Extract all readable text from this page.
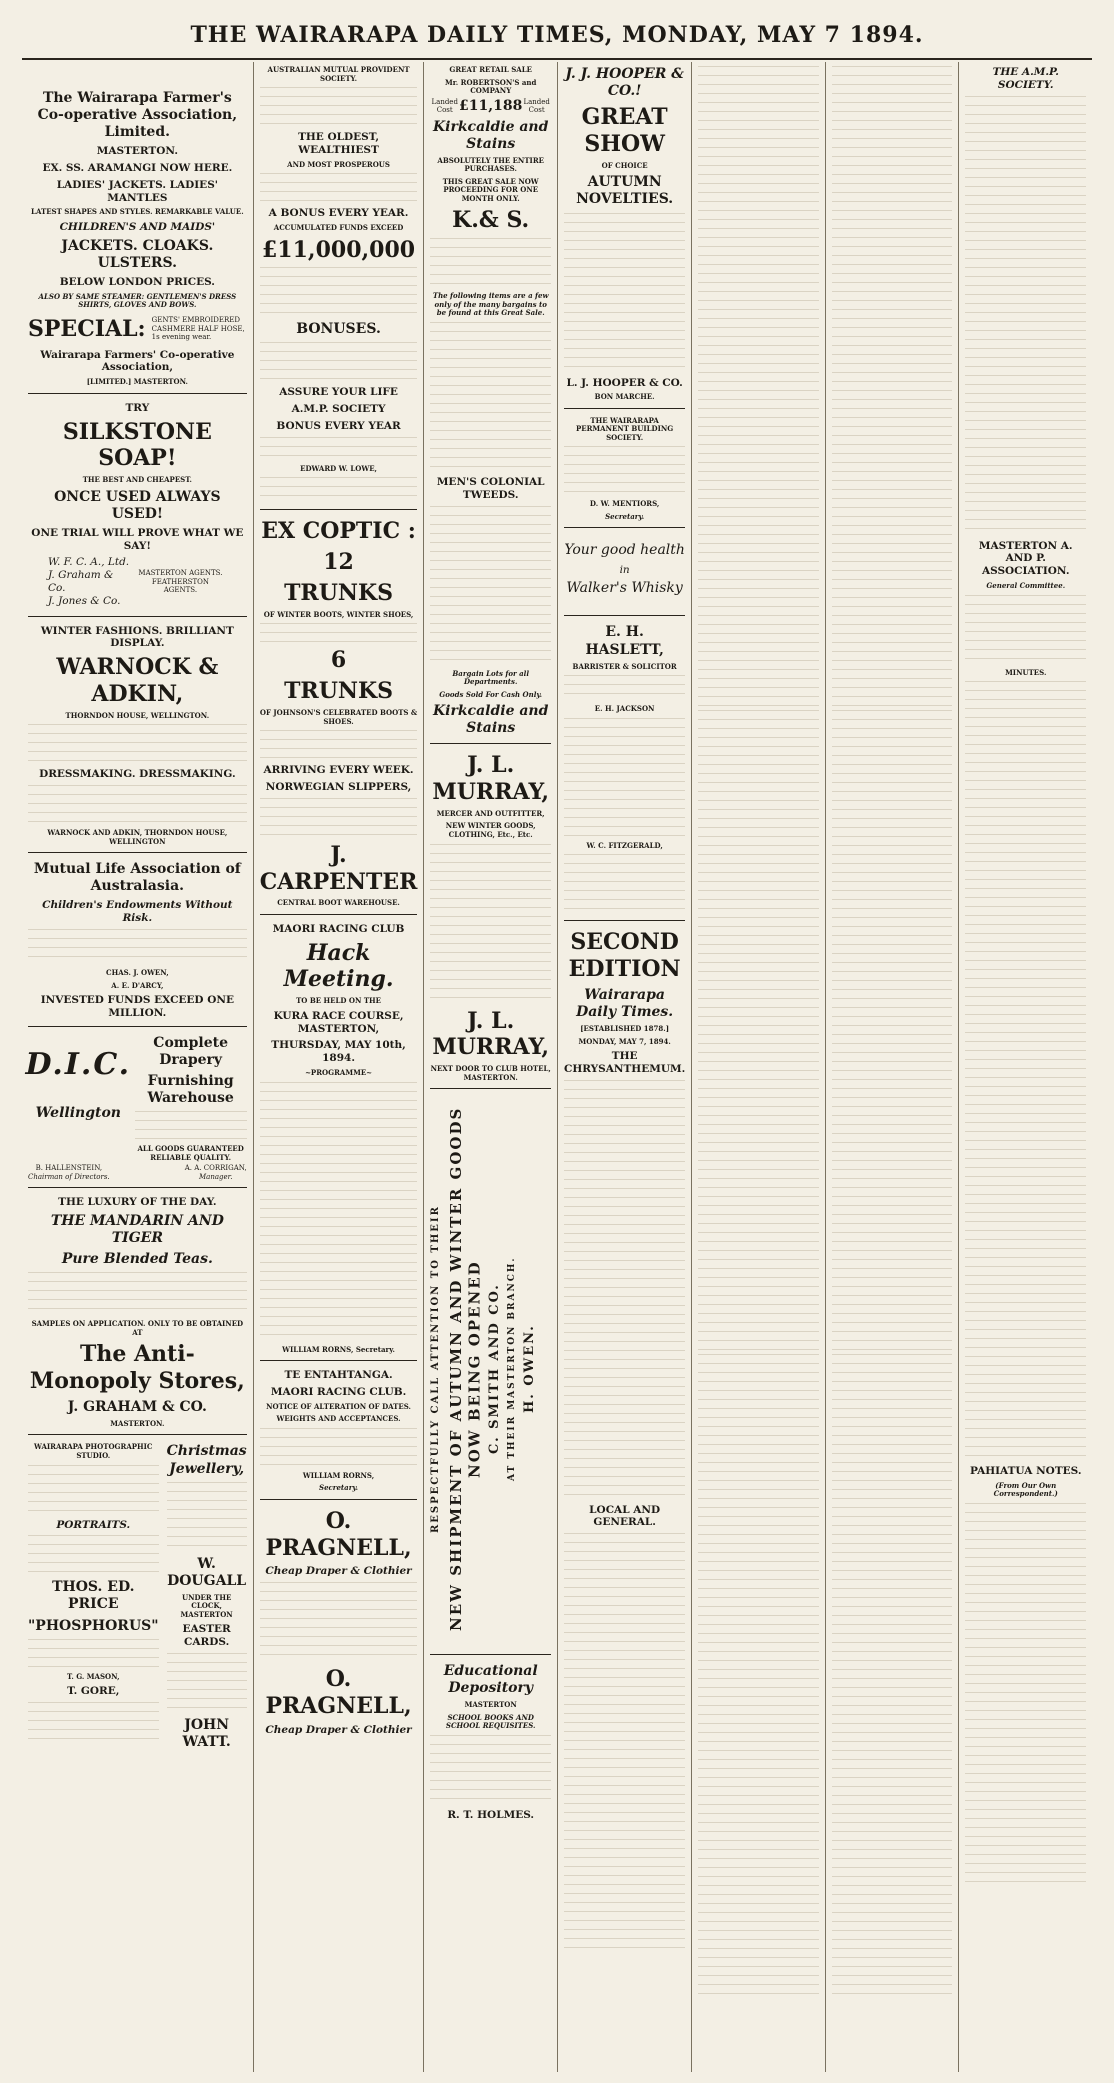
THE WAIRARAPA DAILY TIMES, MONDAY, MAY 7 1894.
The Wairarapa Farmer's Co-operative Association, Limited.
MASTERTON.
EX. SS. ARAMANGI NOW HERE.
LADIES' JACKETS. LADIES' MANTLES
LATEST SHAPES AND STYLES. REMARKABLE VALUE.
CHILDREN'S AND MAIDS'
JACKETS. CLOAKS. ULSTERS.
BELOW LONDON PRICES.
ALSO BY SAME STEAMER: GENTLEMEN'S DRESS SHIRTS, GLOVES AND BOWS.
SPECIAL: GENTS' EMBROIDERED CASHMERE HALF HOSE, 1s evening wear.
Wairarapa Farmers' Co-operative Association,
[LIMITED.] MASTERTON.
TRY
SILKSTONE SOAP!
THE BEST AND CHEAPEST.
ONCE USED ALWAYS USED!
ONE TRIAL WILL PROVE WHAT WE SAY!
W. F. C. A., Ltd.
J. Graham & Co.
J. Jones & Co.
MASTERTON AGENTS.
FEATHERSTON AGENTS.
WINTER FASHIONS. BRILLIANT DISPLAY.
WARNOCK & ADKIN,
THORNDON HOUSE, WELLINGTON.
DRESSMAKING. DRESSMAKING.
WARNOCK AND ADKIN, THORNDON HOUSE, WELLINGTON
Mutual Life Association of Australasia.
Children's Endowments Without Risk.
CHAS. J. OWEN,
A. E. D'ARCY,
INVESTED FUNDS EXCEED ONE MILLION.
D.I.C.
Wellington
Complete Drapery
Furnishing Warehouse
ALL GOODS GUARANTEED RELIABLE QUALITY.
B. HALLENSTEIN,
Chairman of Directors.
A. A. CORRIGAN,
Manager.
THE LUXURY OF THE DAY.
THE MANDARIN AND TIGER
Pure Blended Teas.
SAMPLES ON APPLICATION. ONLY TO BE OBTAINED AT
The Anti-Monopoly Stores,
J. GRAHAM & CO.
MASTERTON.
WAIRARAPA PHOTOGRAPHIC STUDIO.
PORTRAITS.
THOS. ED. PRICE
"PHOSPHORUS"
T. G. MASON,
T. GORE,
Christmas Jewellery,
W. DOUGALL
UNDER THE CLOCK, MASTERTON
EASTER CARDS.
JOHN WATT.
AUSTRALIAN MUTUAL PROVIDENT SOCIETY.
THE OLDEST, WEALTHIEST
AND MOST PROSPEROUS
A BONUS EVERY YEAR.
ACCUMULATED FUNDS EXCEED
£11,000,000
BONUSES.
ASSURE YOUR LIFE
A.M.P. SOCIETY
BONUS EVERY YEAR
EDWARD W. LOWE,
EX COPTIC :
12
TRUNKS
OF WINTER BOOTS, WINTER SHOES,
6
TRUNKS
OF JOHNSON'S CELEBRATED BOOTS & SHOES.
ARRIVING EVERY WEEK.
NORWEGIAN SLIPPERS,
J. CARPENTER
CENTRAL BOOT WAREHOUSE.
MAORI RACING CLUB
Hack Meeting.
TO BE HELD ON THE
KURA RACE COURSE, MASTERTON,
THURSDAY, MAY 10th, 1894.
~PROGRAMME~
WILLIAM RORNS, Secretary.
TE ENTAHTANGA.
MAORI RACING CLUB.
NOTICE OF ALTERATION OF DATES.
WEIGHTS AND ACCEPTANCES.
WILLIAM RORNS,
Secretary.
O. PRAGNELL,
Cheap Draper & Clothier
O. PRAGNELL,
Cheap Draper & Clothier
GREAT RETAIL SALE
Mr. ROBERTSON'S and COMPANY
Landed Cost £11,188 Landed Cost
Kirkcaldie and Stains
ABSOLUTELY THE ENTIRE PURCHASES.
THIS GREAT SALE NOW PROCEEDING FOR ONE MONTH ONLY.
K.& S.
The following items are a few only of the many bargains to be found at this Great Sale.
MEN'S COLONIAL TWEEDS.
Bargain Lots for all Departments.
Goods Sold For Cash Only.
Kirkcaldie and Stains
J. L. MURRAY,
MERCER AND OUTFITTER,
NEW WINTER GOODS, CLOTHING, Etc., Etc.
J. L. MURRAY,
NEXT DOOR TO CLUB HOTEL, MASTERTON.
RESPECTFULLY CALL ATTENTION TO THEIR NEW SHIPMENT OF AUTUMN AND WINTER GOODS NOW BEING OPENED C. SMITH AND CO. AT THEIR MASTERTON BRANCH. H. OWEN.
Educational Depository
MASTERTON
SCHOOL BOOKS AND SCHOOL REQUISITES.
R. T. HOLMES.
J. J. HOOPER & CO.!
GREAT SHOW
OF CHOICE
AUTUMN NOVELTIES.
L. J. HOOPER & CO.
BON MARCHE.
THE WAIRARAPA PERMANENT BUILDING SOCIETY.
D. W. MENTIORS,
Secretary.
Your good health
in
Walker's Whisky
E. H. HASLETT,
BARRISTER & SOLICITOR
E. H. JACKSON
W. C. FITZGERALD,
SECOND EDITION
Wairarapa Daily Times.
[ESTABLISHED 1878.]
MONDAY, MAY 7, 1894.
THE CHRYSANTHEMUM.
LOCAL AND GENERAL.
THE A.M.P. SOCIETY.
MASTERTON A. AND P. ASSOCIATION.
General Committee.
MINUTES.
PAHIATUA NOTES.
(From Our Own Correspondent.)
